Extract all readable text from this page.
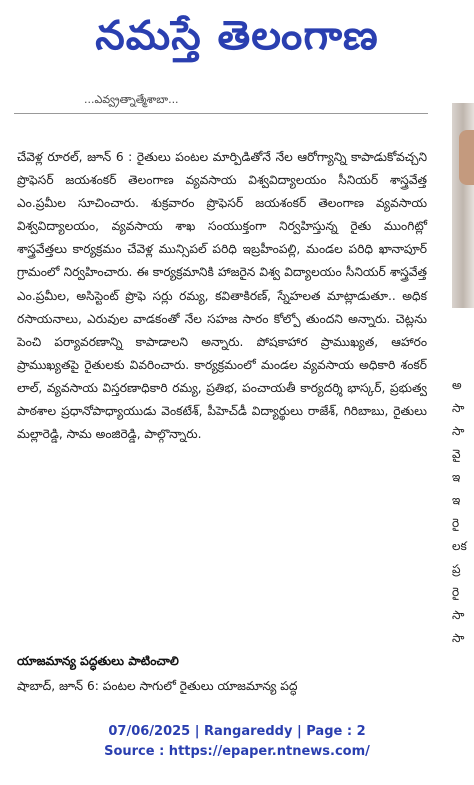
నమస్తే తెలంగాణ
...ఎవ్వ్రత్నాత్మేశాబా...

చేవెళ్ల రూరల్, జూన్ 6 : రైతులు పంటల మార్పిడితోనే నేల ఆరోగ్యాన్ని కాపాడుకోవచ్చని ప్రొఫెసర్ జయశంకర్ తెలంగాణ వ్యవసాయ విశ్వవిద్యాలయం సీనియర్ శాస్త్రవేత్త ఎం.ప్రమీల సూచించారు. శుక్రవారం ప్రొఫెసర్ జయశంకర్ తెలంగాణ వ్యవసాయ విశ్వవిద్యాలయం, వ్యవసాయ శాఖ సంయుక్తంగా నిర్వహిస్తున్న రైతు ముంగిట్లో శాస్త్రవేత్తలు కార్యక్రమం చేవెళ్ల మున్సిపల్ పరిధి ఇబ్రహీంపల్లి, మండల పరిధి ఖానాపూర్ గ్రామంలో నిర్వహించారు. ఈ కార్యక్రమానికి హాజరైన విశ్వ విద్యాలయం సీనియర్ శాస్త్రవేత్త ఎం.ప్రమీల, అసిస్టెంట్ ప్రొఫె సర్లు రమ్య, కవితాకిరణ్, స్నేహలత మాట్లాడుతూ.. అధిక రసాయనాలు, ఎరువుల వాడకంతో నేల సహజ సారం కోల్పో తుందని అన్నారు. చెట్లను పెంచి పర్యావరణాన్ని కాపాడాలని అన్నారు. పోషకాహార ప్రాముఖ్యత, ఆహారం ప్రాముఖ్యతపై రైతులకు వివరించారు. కార్యక్రమంలో మండల వ్యవసాయ అధికారి శంకర్ లాల్, వ్యవసాయ విస్తరణాధికారి రమ్య, ప్రతిభ, పంచాయతీ కార్యదర్శి భాస్కర్, ప్రభుత్వ పాఠశాల ప్రధానోపాధ్యాయుడు వెంకటేశ్, పీహెచ్‌డీ విద్యార్థులు రాజేశ్, గిరిబాబు, రైతులు మల్లారెడ్డి, సామ అంజిరెడ్డి, పాల్గొన్నారు.

యాజమాన్య పద్ధతులు పాటించాలి

షాబాద్, జూన్ 6: పంటల సాగులో రైతులు యాజమాన్య పద్ధ

అ
సా
సా
వై
ఇ
ఇ
రై
లక
ప్ర
రై
సా
సా
07/06/2025 | Rangareddy | Page : 2
Source : https://epaper.ntnews.com/
